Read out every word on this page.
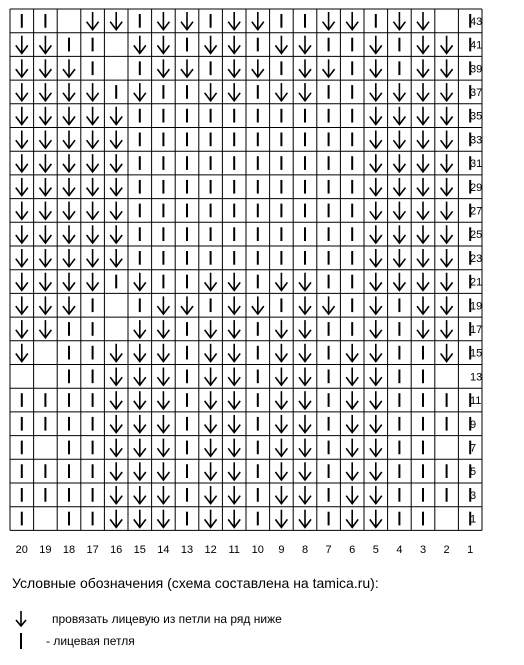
43
41
39
37
35
33
31
29
27
25
23
21
19
17
15
13
11
9
7
5
3
1
20 19 18 17 16 15 14 13 12 11 10 9 8 7 6 5 4 3 2 1
Условные обозначения (схема составлена на tamica.ru):
провязать лицевую из петли на ряд ниже
- лицевая петля
